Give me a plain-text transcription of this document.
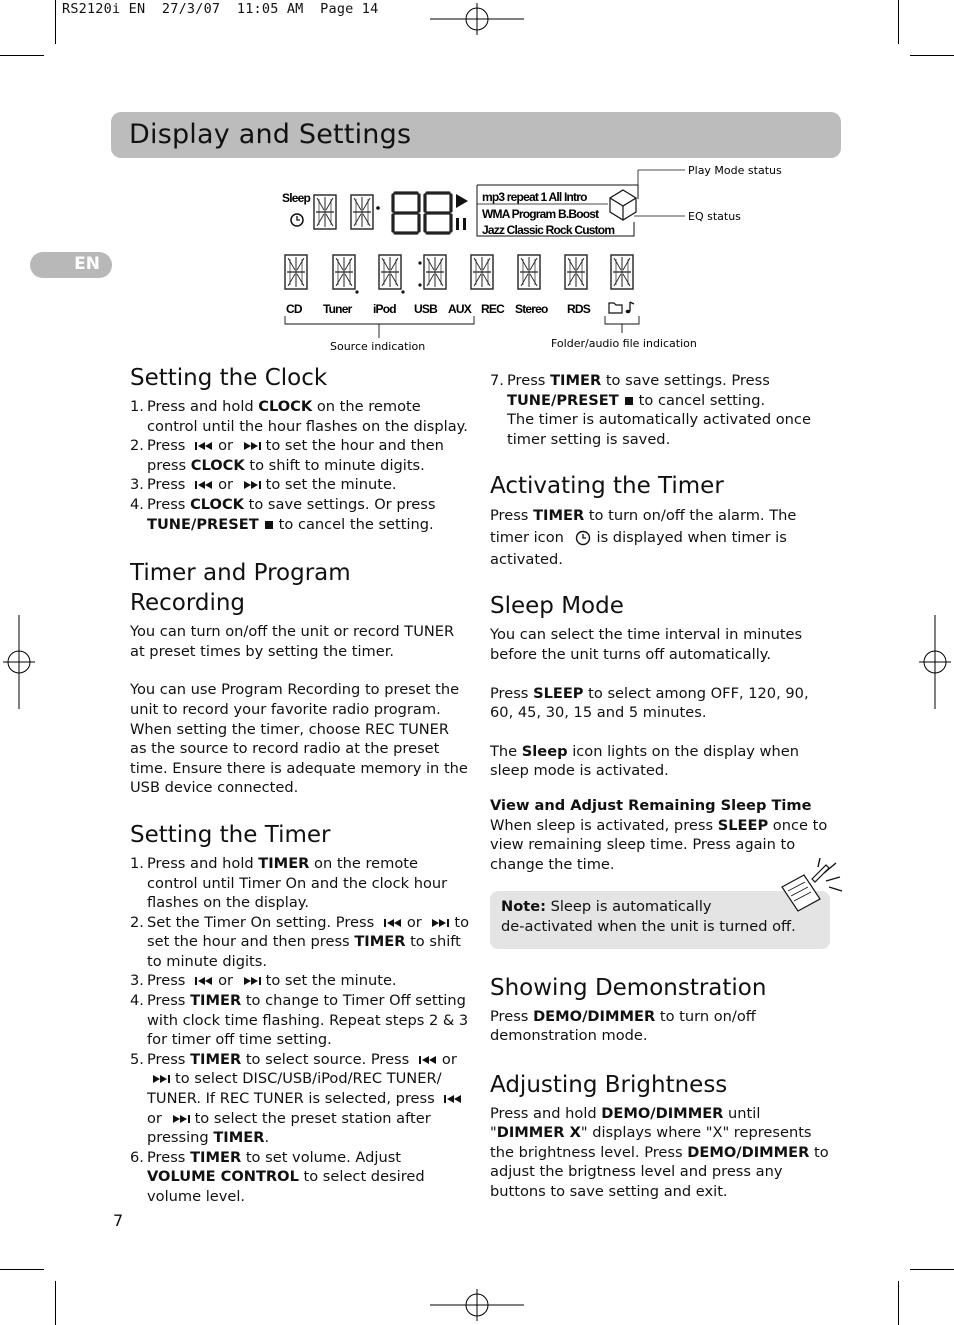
RS2120i EN  27/3/07  11:05 AM  Page 14
Display and Settings
EN
Sleep	mp3 repeat 1 All Intro
WMA Program B.Boost
Jazz Classic Rock Custom
Play Mode status
EQ status
CD Tuner iPod USB AUX REC Stereo RDS
Source indication	Folder/audio file indication
Setting the Clock
1. Press and hold CLOCK on the remote control until the hour flashes on the display.
2. Press or to set the hour and then press CLOCK to shift to minute digits.
3. Press or to set the minute.
4. Press CLOCK to save settings. Or press TUNE/PRESET to cancel the setting.
Timer and Program Recording

You can turn on/off the unit or record TUNER at preset times by setting the timer.

You can use Program Recording to preset the unit to record your favorite radio program. When setting the timer, choose REC TUNER as the source to record radio at the preset time. Ensure there is adequate memory in the USB device connected.

Setting the Timer
1. Press and hold TIMER on the remote control until Timer On and the clock hour flashes on the display.
2. Set the Timer On setting. Press or to set the hour and then press TIMER to shift to minute digits.
3. Press or to set the minute.
4. Press TIMER to change to Timer Off setting with clock time flashing. Repeat steps 2 & 3 for timer off time setting.
5. Press TIMER to select source. Press or to select DISC/USB/iPod/REC TUNER/ TUNER. If REC TUNER is selected, press or to select the preset station after pressing TIMER.
6. Press TIMER to set volume. Adjust VOLUME CONTROL to select desired volume level.
7. Press TIMER to save settings. Press TUNE/PRESET to cancel setting.
The timer is automatically activated once timer setting is saved.
Activating the Timer

Press TIMER to turn on/off the alarm. The timer icon is displayed when timer is activated.

Sleep Mode

You can select the time interval in minutes before the unit turns off automatically.

Press SLEEP to select among OFF, 120, 90, 60, 45, 30, 15 and 5 minutes.

The Sleep icon lights on the display when sleep mode is activated.

View and Adjust Remaining Sleep Time

When sleep is activated, press SLEEP once to view remaining sleep time. Press again to change the time.

Note: Sleep is automatically

de-activated when the unit is turned off.

Showing Demonstration

Press DEMO/DIMMER to turn on/off demonstration mode.

Adjusting Brightness

Press and hold DEMO/DIMMER until "DIMMER X" displays where "X" represents the brightness level. Press DEMO/DIMMER to adjust the brigtness level and press any buttons to save setting and exit.

7
